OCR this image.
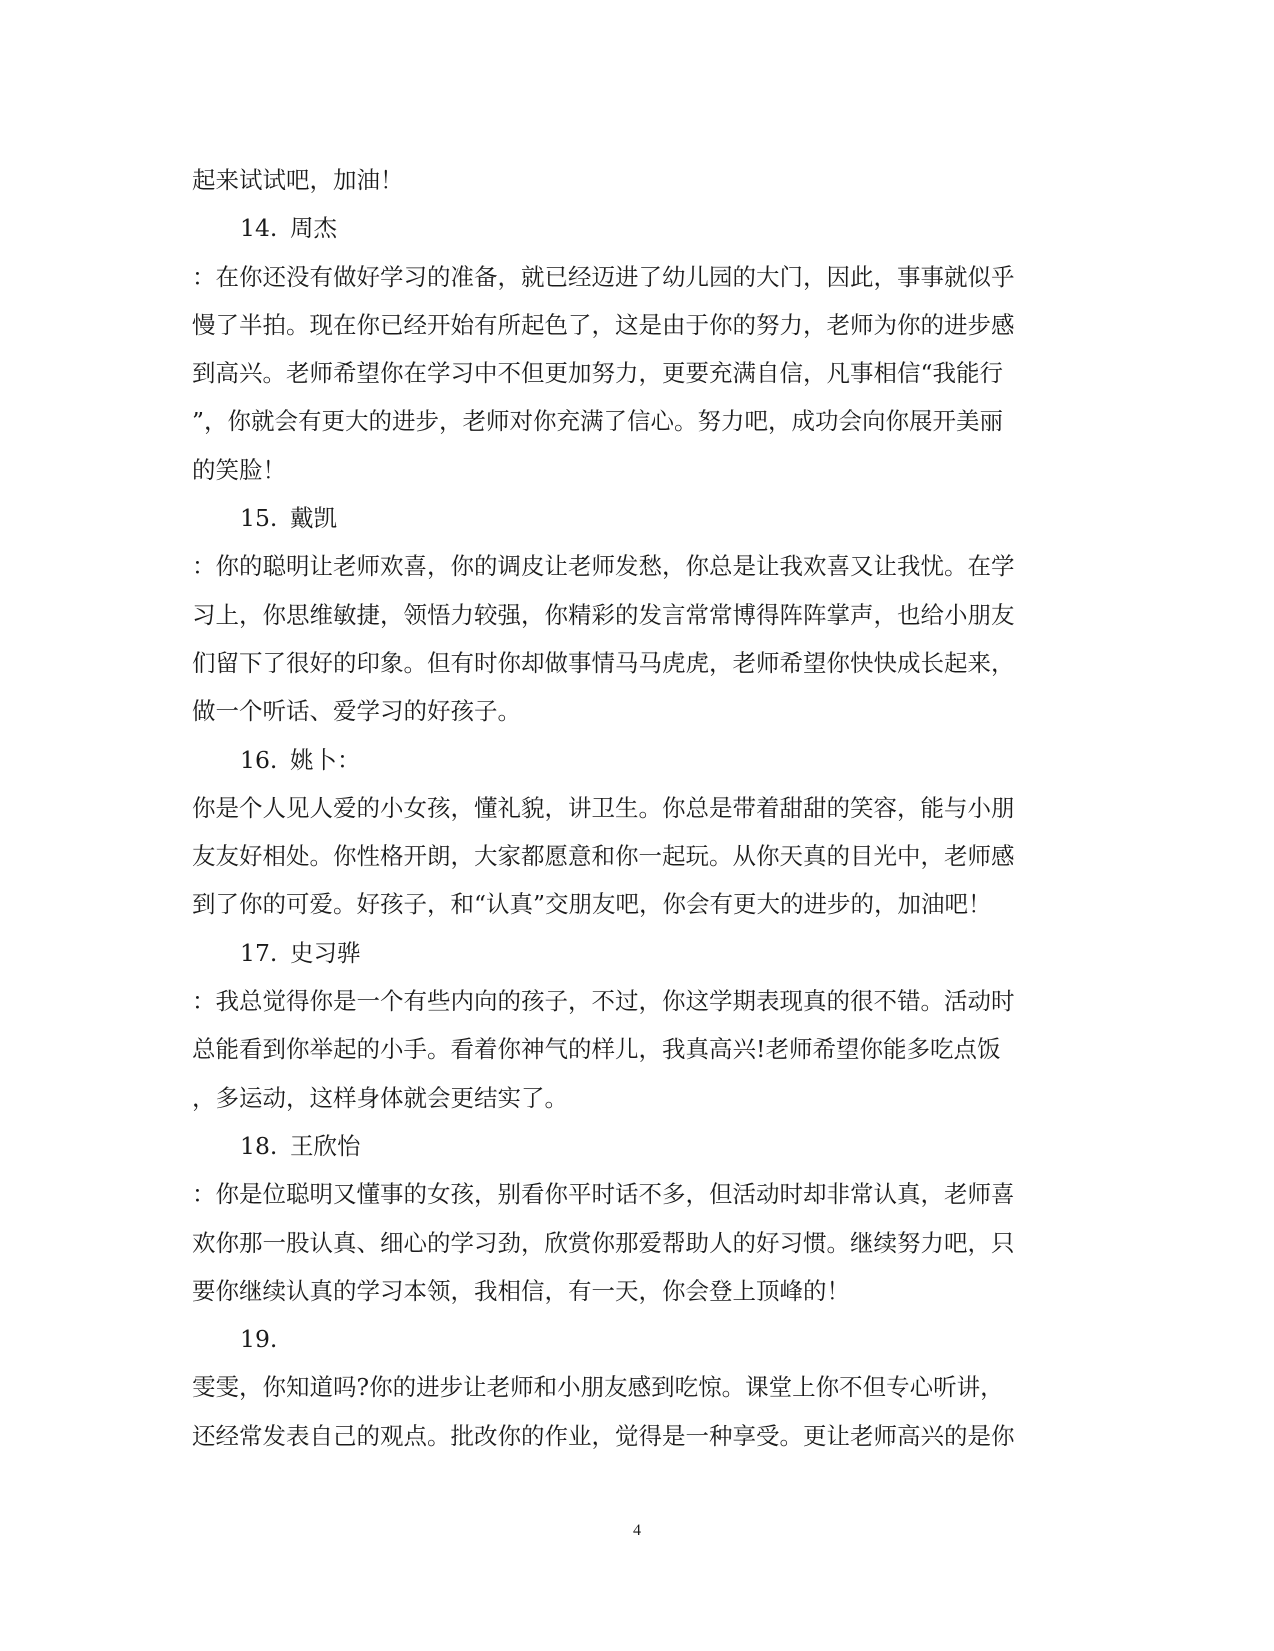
起来试试吧，加油！
14. 周杰
：在你还没有做好学习的准备，就已经迈进了幼儿园的大门，因此，事事就似乎
慢了半拍。现在你已经开始有所起色了，这是由于你的努力，老师为你的进步感
到高兴。老师希望你在学习中不但更加努力，更要充满自信，凡事相信“我能行
”，你就会有更大的进步，老师对你充满了信心。努力吧，成功会向你展开美丽
的笑脸！
15. 戴凯
：你的聪明让老师欢喜，你的调皮让老师发愁，你总是让我欢喜又让我忧。在学
习上，你思维敏捷，领悟力较强，你精彩的发言常常博得阵阵掌声，也给小朋友
们留下了很好的印象。但有时你却做事情马马虎虎，老师希望你快快成长起来，
做一个听话、爱学习的好孩子。
16. 姚卜：
你是个人见人爱的小女孩，懂礼貌，讲卫生。你总是带着甜甜的笑容，能与小朋
友友好相处。你性格开朗，大家都愿意和你一起玩。从你天真的目光中，老师感
到了你的可爱。好孩子，和“认真”交朋友吧，你会有更大的进步的，加油吧！
17. 史习骅
：我总觉得你是一个有些内向的孩子，不过，你这学期表现真的很不错。活动时
总能看到你举起的小手。看着你神气的样儿，我真高兴!老师希望你能多吃点饭
，多运动，这样身体就会更结实了。
18. 王欣怡
：你是位聪明又懂事的女孩，别看你平时话不多，但活动时却非常认真，老师喜
欢你那一股认真、细心的学习劲，欣赏你那爱帮助人的好习惯。继续努力吧，只
要你继续认真的学习本领，我相信，有一天，你会登上顶峰的！
19.
雯雯，你知道吗?你的进步让老师和小朋友感到吃惊。课堂上你不但专心听讲，
还经常发表自己的观点。批改你的作业，觉得是一种享受。更让老师高兴的是你
4
